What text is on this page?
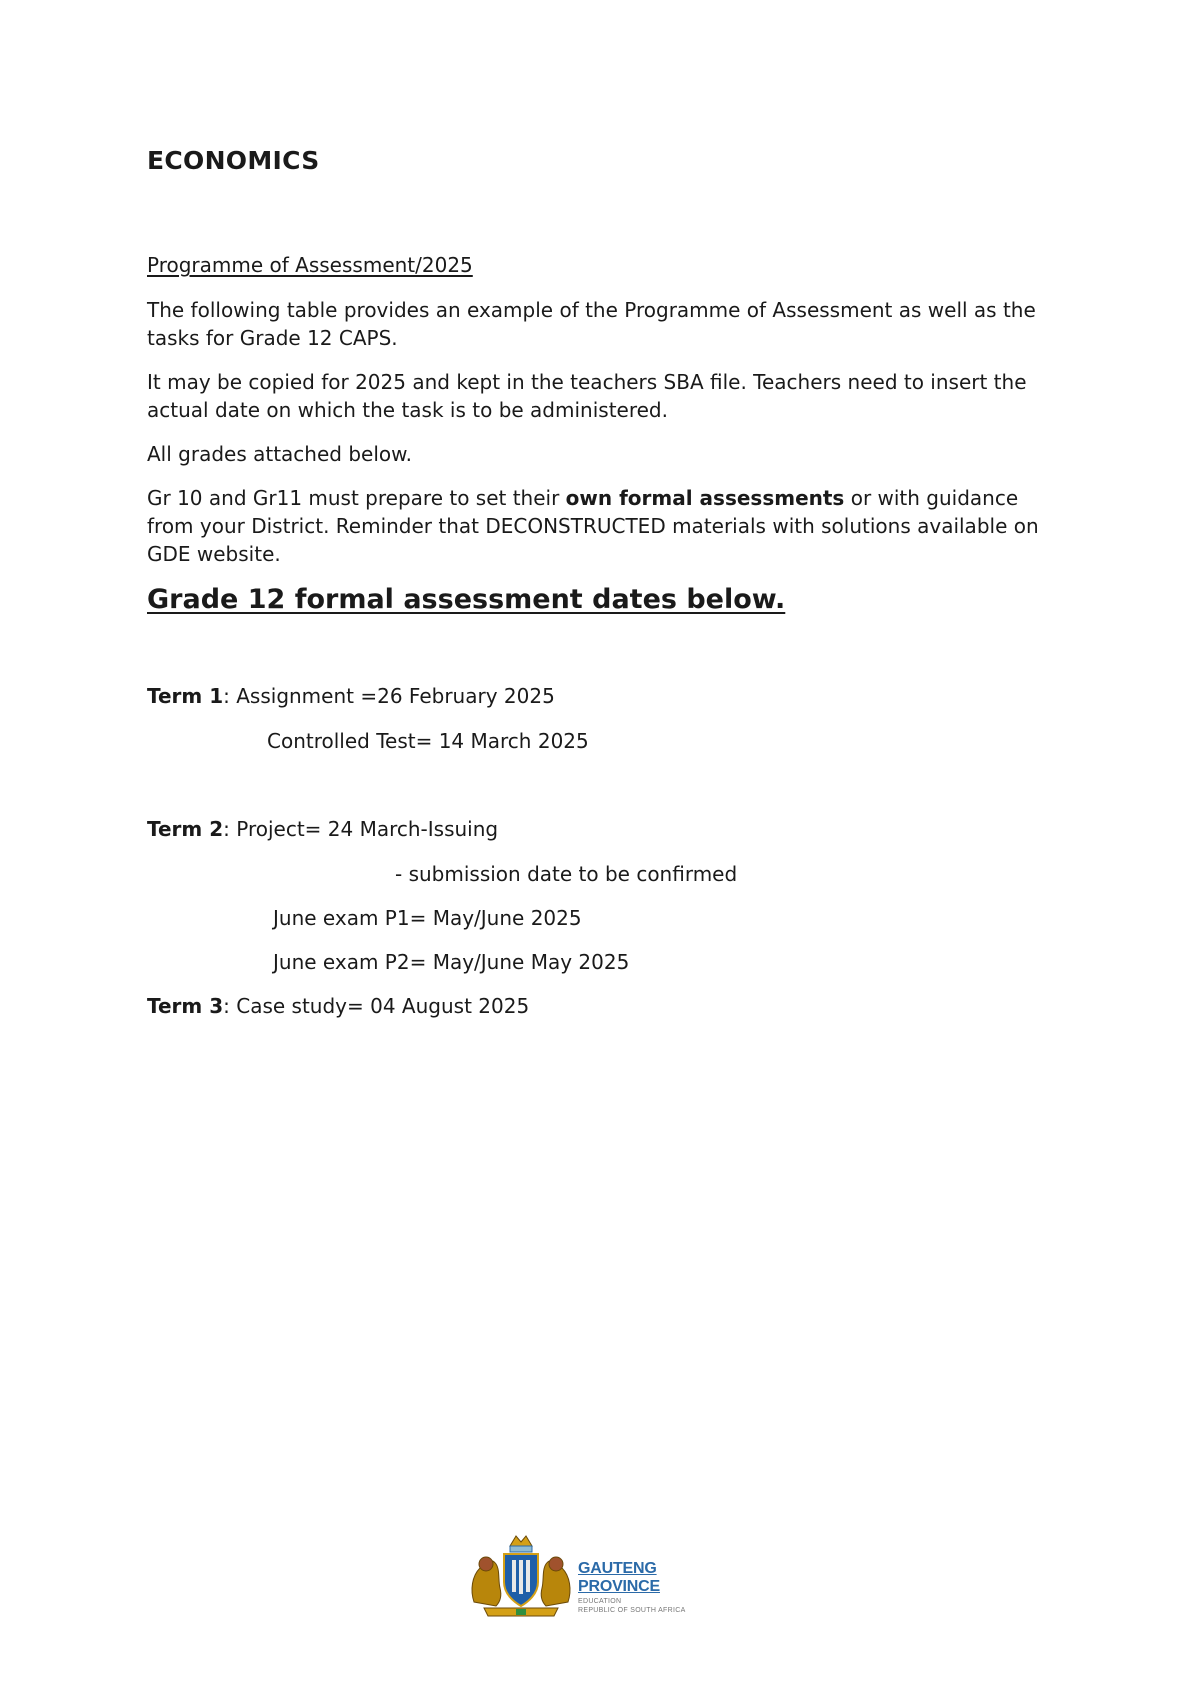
ECONOMICS

Programme of Assessment/2025

The following table provides an example of the Programme of Assessment as well as the tasks for Grade 12 CAPS.

It may be copied for 2025 and kept in the teachers SBA file. Teachers need to insert the actual date on which the task is to be administered.

All grades attached below.

Gr 10 and Gr11 must prepare to set their own formal assessments or with guidance from your District. Reminder that DECONSTRUCTED materials with solutions available on GDE website.

Grade 12 formal assessment dates below.
Term 1: Assignment =26 February 2025
Controlled Test= 14 March 2025
Term 2: Project= 24 March-Issuing
- submission date to be confirmed
June exam P1= May/June 2025
June exam P2= May/June May 2025
Term 3: Case study= 04 August 2025
GAUTENG PROVINCE
EDUCATION
REPUBLIC OF SOUTH AFRICA
